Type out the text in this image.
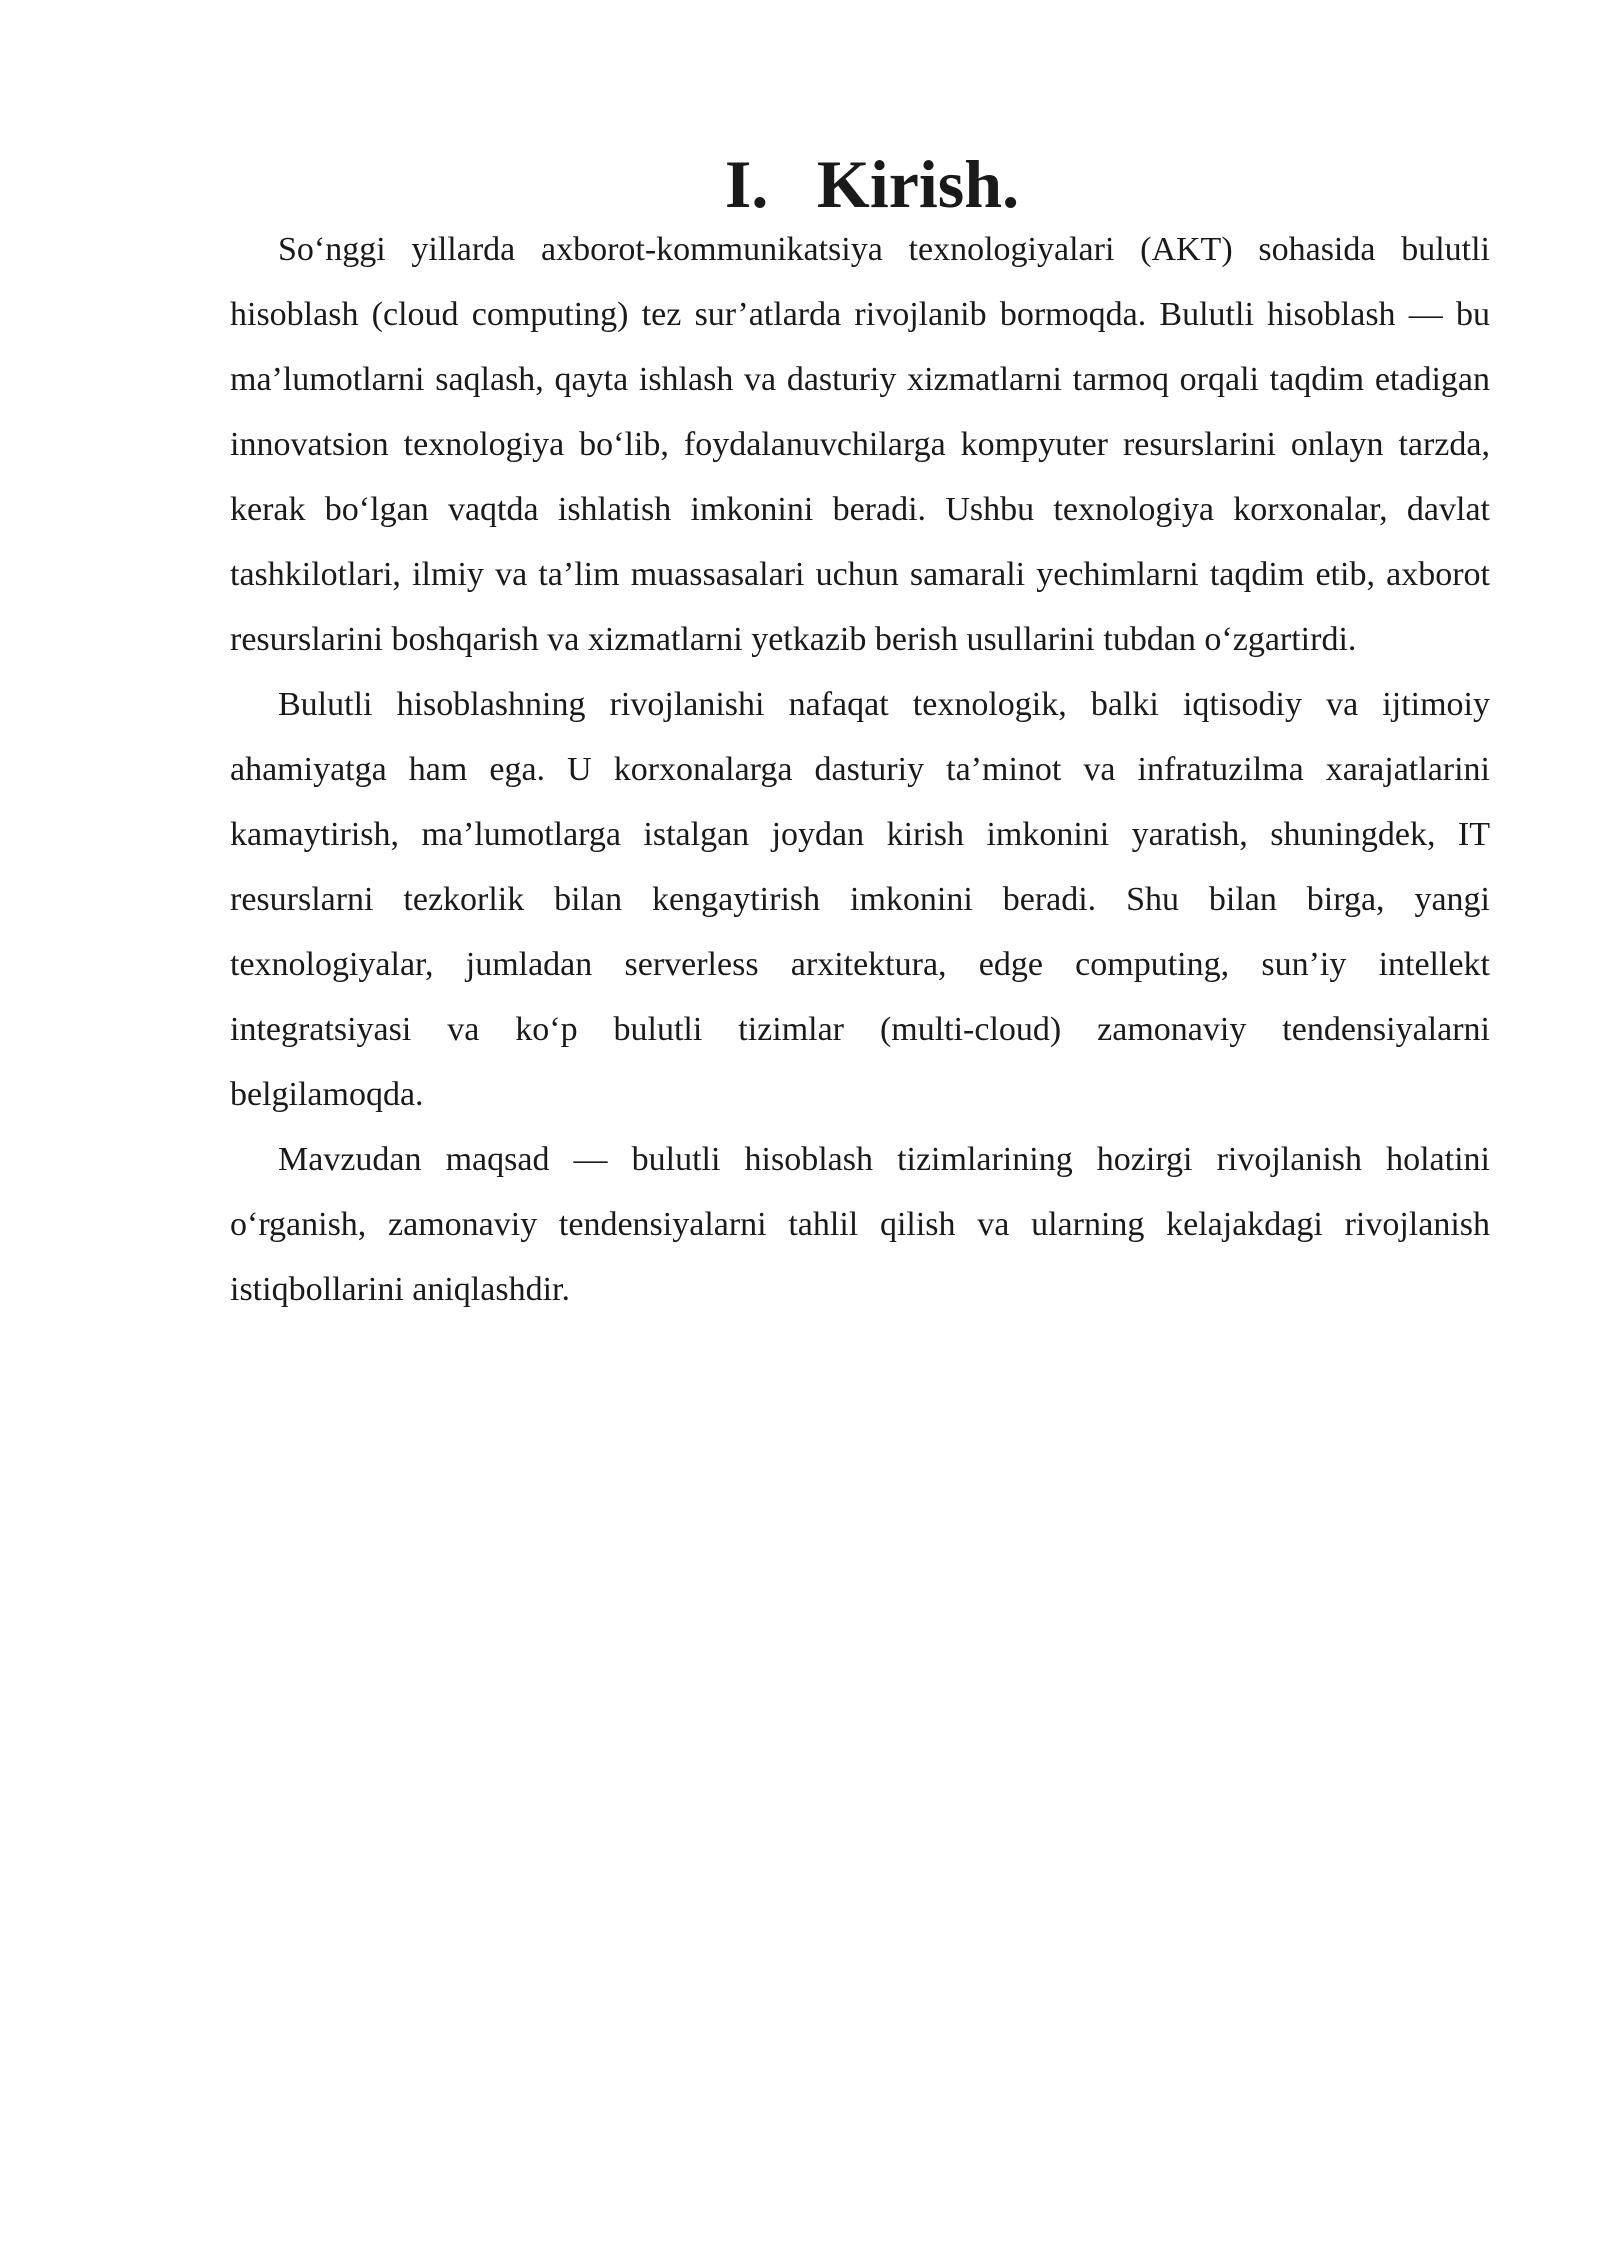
I. Kirish.

So‘nggi yillarda axborot-kommunikatsiya texnologiyalari (AKT) sohasida bulutli hisoblash (cloud computing) tez sur’atlarda rivojlanib bormoqda. Bulutli hisoblash — bu ma’lumotlarni saqlash, qayta ishlash va dasturiy xizmatlarni tarmoq orqali taqdim etadigan innovatsion texnologiya bo‘lib, foydalanuvchilarga kompyuter resurslarini onlayn tarzda, kerak bo‘lgan vaqtda ishlatish imkonini beradi. Ushbu texnologiya korxonalar, davlat tashkilotlari, ilmiy va ta’lim muassasalari uchun samarali yechimlarni taqdim etib, axborot resurslarini boshqarish va xizmatlarni yetkazib berish usullarini tubdan o‘zgartirdi.

Bulutli hisoblashning rivojlanishi nafaqat texnologik, balki iqtisodiy va ijtimoiy ahamiyatga ham ega. U korxonalarga dasturiy ta’minot va infratuzilma xarajatlarini kamaytirish, ma’lumotlarga istalgan joydan kirish imkonini yaratish, shuningdek, IT resurslarni tezkorlik bilan kengaytirish imkonini beradi. Shu bilan birga, yangi texnologiyalar, jumladan serverless arxitektura, edge computing, sun’iy intellekt integratsiyasi va ko‘p bulutli tizimlar (multi-cloud) zamonaviy tendensiyalarni belgilamoqda.

Mavzudan maqsad — bulutli hisoblash tizimlarining hozirgi rivojlanish holatini o‘rganish, zamonaviy tendensiyalarni tahlil qilish va ularning kelajakdagi rivojlanish istiqbollarini aniqlashdir.
